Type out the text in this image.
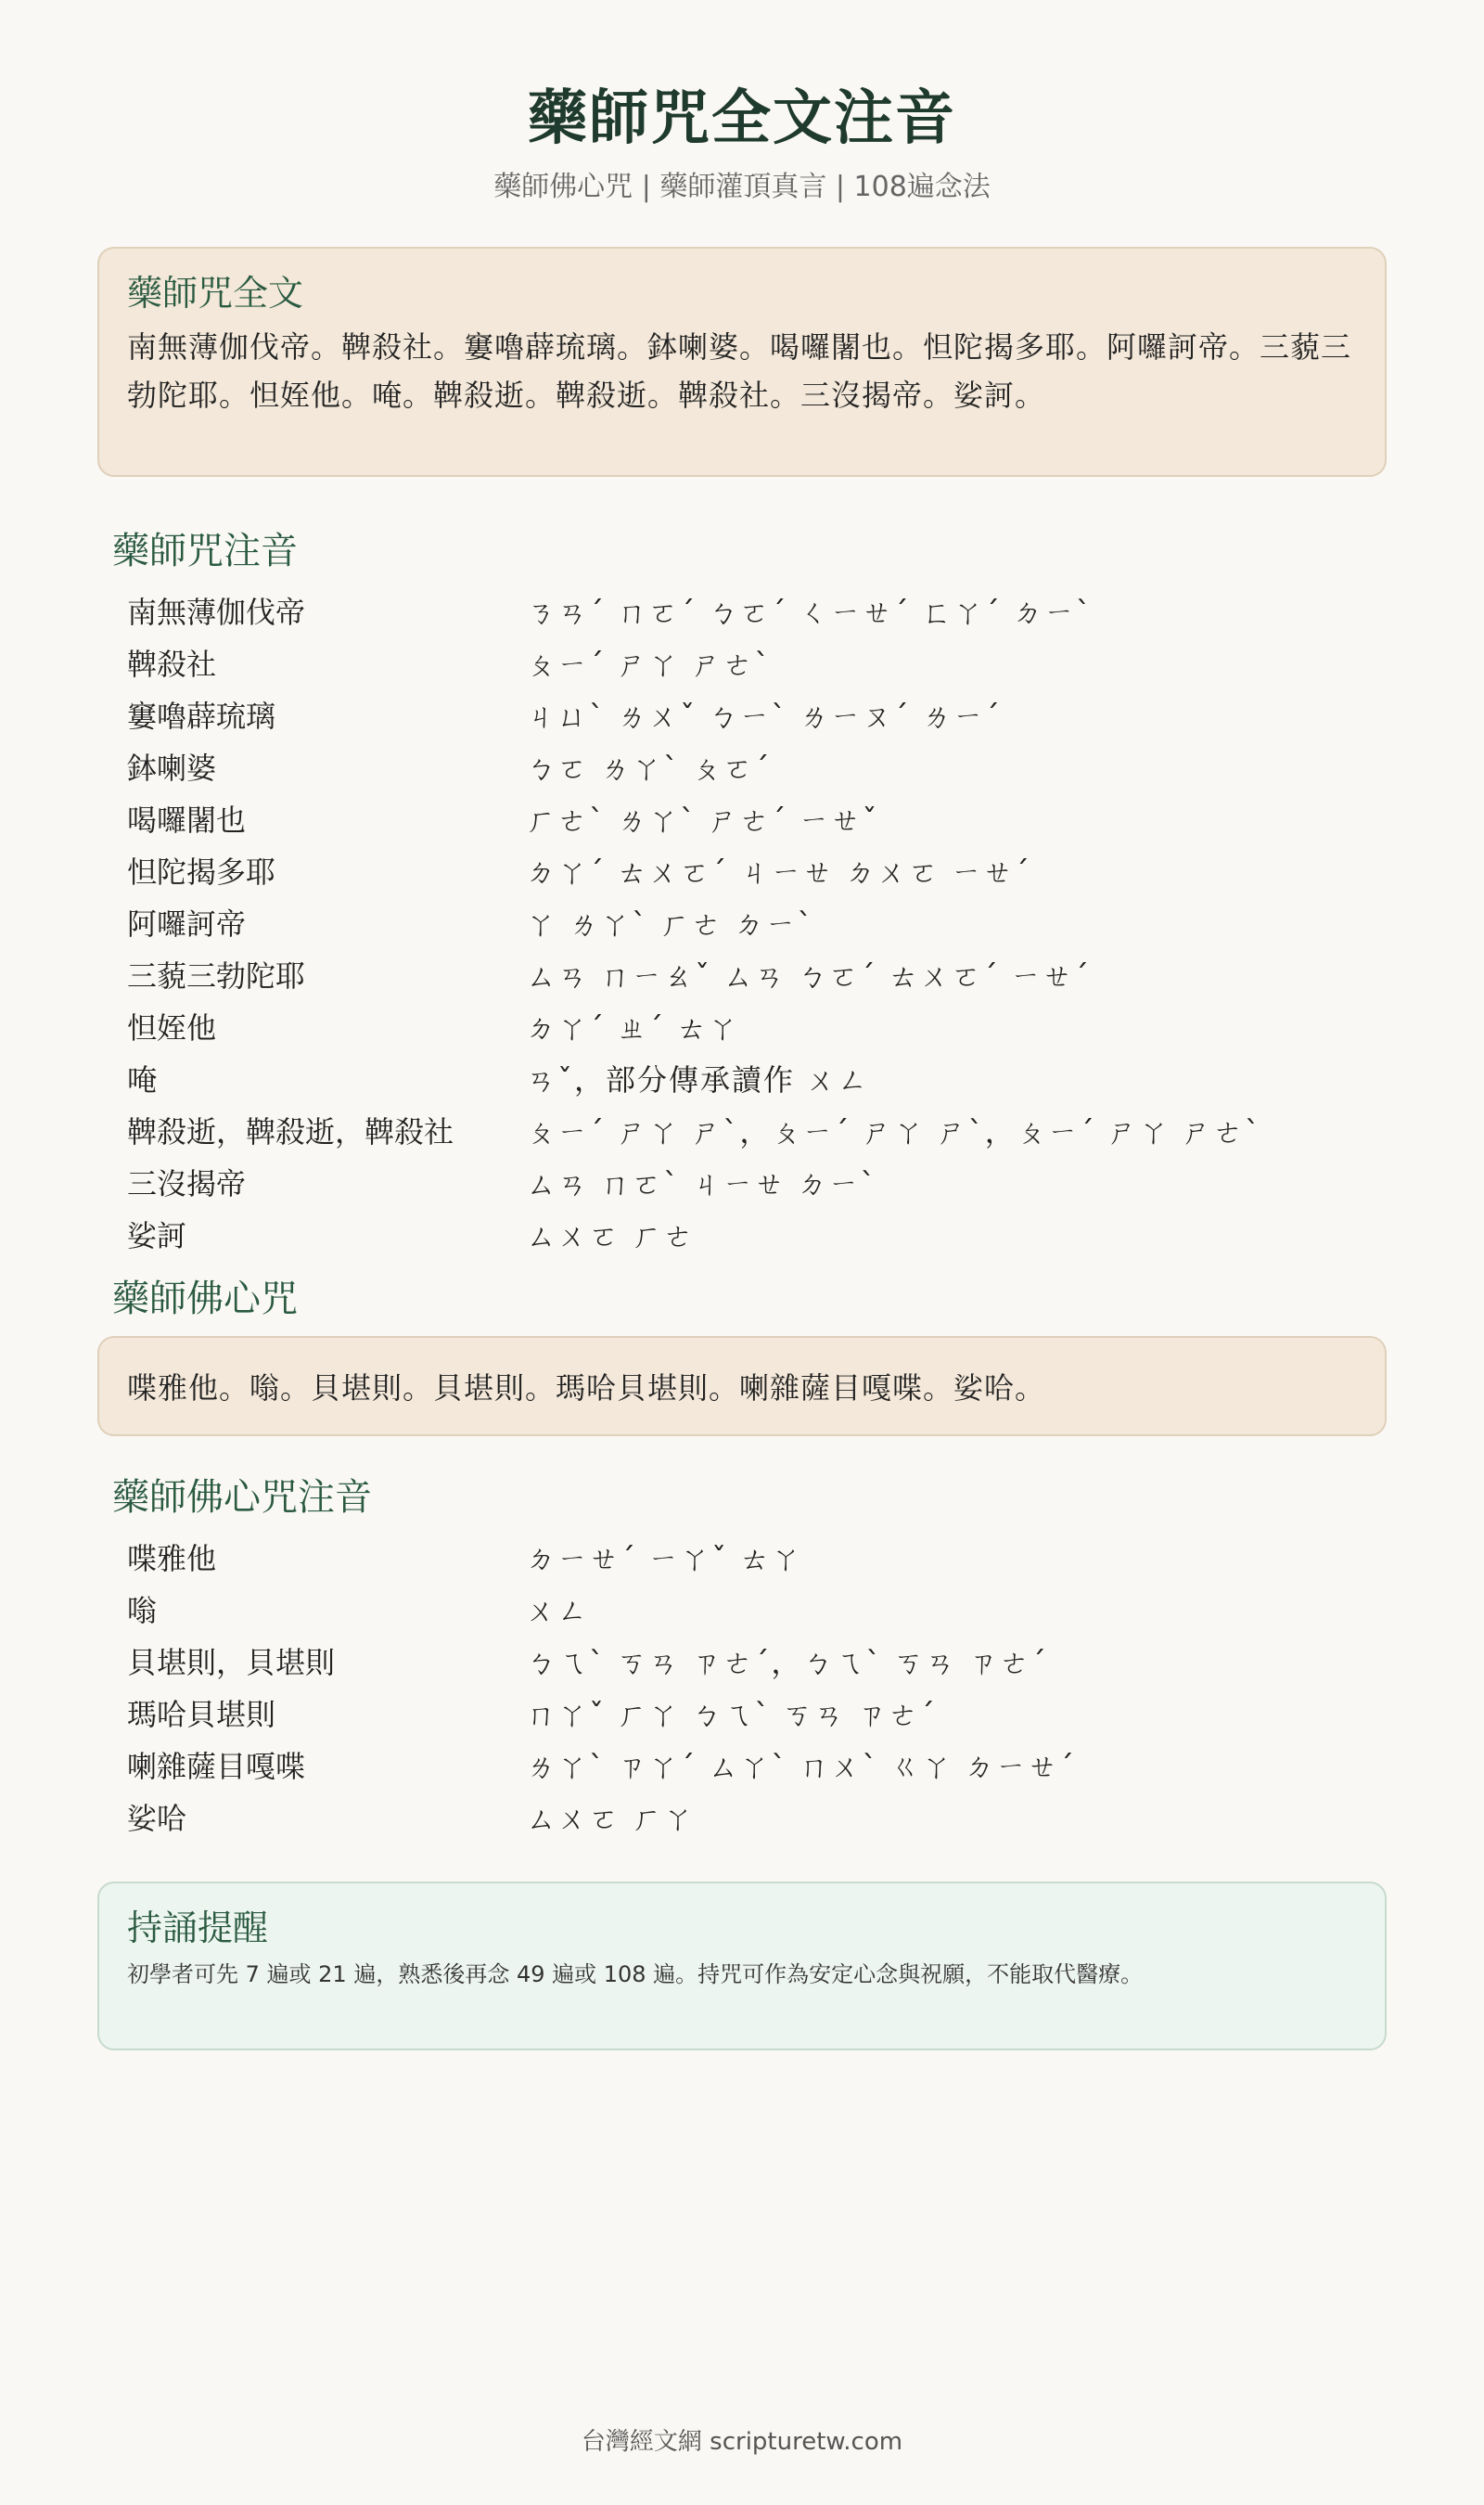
藥師咒全文注音
藥師佛心咒 | 藥師灌頂真言 | 108遍念法
藥師咒全文
南無薄伽伐帝。鞞殺社。窶嚕薜琉璃。鉢喇婆。喝囉闍也。怛陀揭多耶。阿囉訶帝。三藐三勃陀耶。怛姪他。唵。鞞殺逝。鞞殺逝。鞞殺社。三沒揭帝。娑訶。
藥師咒注音
南無薄伽伐帝	ㄋㄢˊ ㄇㄛˊ ㄅㄛˊ ㄑㄧㄝˊ ㄈㄚˊ ㄉㄧˋ
鞞殺社	ㄆㄧˊ ㄕㄚ ㄕㄜˋ
窶嚕薜琉璃	ㄐㄩˋ ㄌㄨˇ ㄅㄧˋ ㄌㄧㄡˊ ㄌㄧˊ
鉢喇婆	ㄅㄛ ㄌㄚˋ ㄆㄛˊ
喝囉闍也	ㄏㄜˋ ㄌㄚˋ ㄕㄜˊ ㄧㄝˇ
怛陀揭多耶	ㄉㄚˊ ㄊㄨㄛˊ ㄐㄧㄝ ㄉㄨㄛ ㄧㄝˊ
阿囉訶帝	ㄚ ㄌㄚˋ ㄏㄜ ㄉㄧˋ
三藐三勃陀耶	ㄙㄢ ㄇㄧㄠˇ ㄙㄢ ㄅㄛˊ ㄊㄨㄛˊ ㄧㄝˊ
怛姪他	ㄉㄚˊ ㄓˊ ㄊㄚ
唵	ㄢˇ，部分傳承讀作 ㄨㄥ
鞞殺逝，鞞殺逝，鞞殺社	ㄆㄧˊ ㄕㄚ ㄕˋ，ㄆㄧˊ ㄕㄚ ㄕˋ，ㄆㄧˊ ㄕㄚ ㄕㄜˋ
三沒揭帝	ㄙㄢ ㄇㄛˋ ㄐㄧㄝ ㄉㄧˋ
娑訶	ㄙㄨㄛ ㄏㄜ
藥師佛心咒
喋雅他。嗡。貝堪則。貝堪則。瑪哈貝堪則。喇雜薩目嘎喋。娑哈。
藥師佛心咒注音
喋雅他	ㄉㄧㄝˊ ㄧㄚˇ ㄊㄚ
嗡	ㄨㄥ
貝堪則，貝堪則	ㄅㄟˋ ㄎㄢ ㄗㄜˊ，ㄅㄟˋ ㄎㄢ ㄗㄜˊ
瑪哈貝堪則	ㄇㄚˇ ㄏㄚ ㄅㄟˋ ㄎㄢ ㄗㄜˊ
喇雜薩目嘎喋	ㄌㄚˋ ㄗㄚˊ ㄙㄚˋ ㄇㄨˋ ㄍㄚ ㄉㄧㄝˊ
娑哈	ㄙㄨㄛ ㄏㄚ
持誦提醒
初學者可先 7 遍或 21 遍，熟悉後再念 49 遍或 108 遍。持咒可作為安定心念與祝願，不能取代醫療。
台灣經文網 scripturetw.com
